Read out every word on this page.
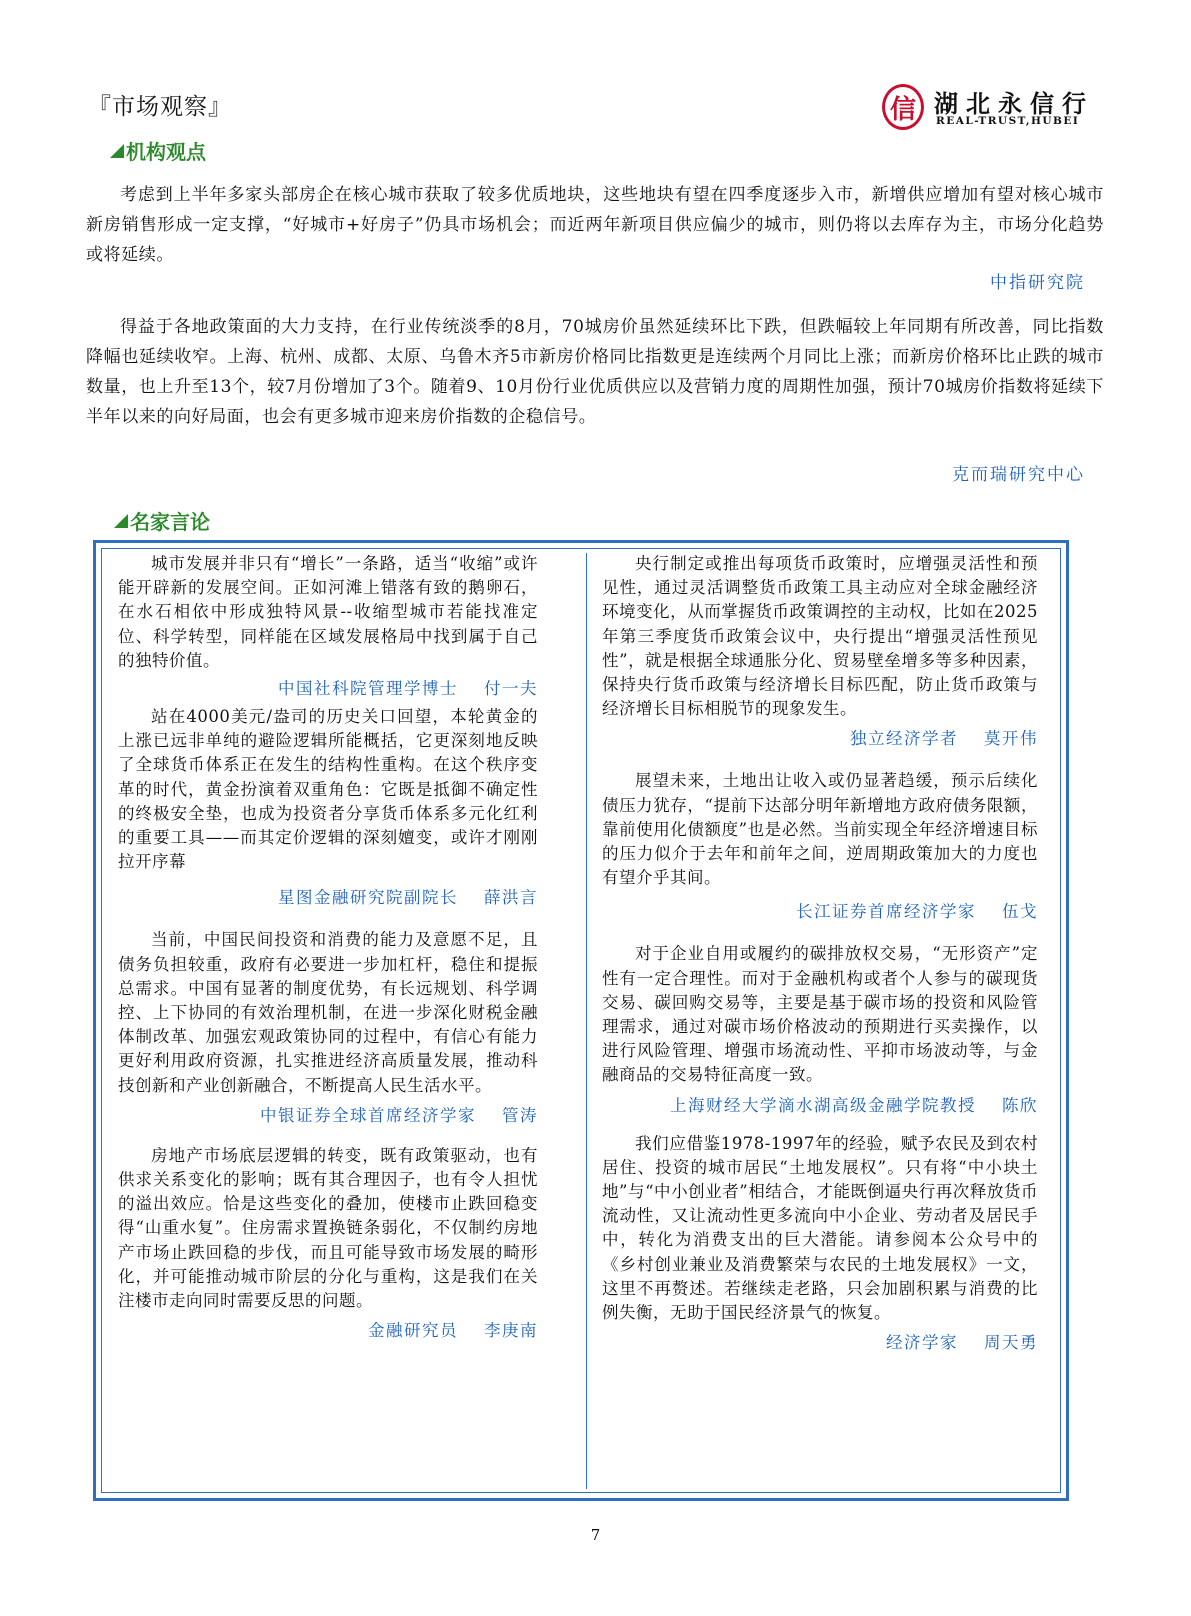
『市场观察』	信 湖北永信行
REAL-TRUST,HUBEI
机构观点

考虑到上半年多家头部房企在核心城市获取了较多优质地块，这些地块有望在四季度逐步入市，新增供应增加有望对核心城市新房销售形成一定支撑，“好城市+好房子”仍具市场机会；而近两年新项目供应偏少的城市，则仍将以去库存为主，市场分化趋势或将延续。

中指研究院

得益于各地政策面的大力支持，在行业传统淡季的8月，70城房价虽然延续环比下跌，但跌幅较上年同期有所改善，同比指数降幅也延续收窄。上海、杭州、成都、太原、乌鲁木齐5市新房价格同比指数更是连续两个月同比上涨；而新房价格环比止跌的城市数量，也上升至13个，较7月份增加了3个。随着9、10月份行业优质供应以及营销力度的周期性加强，预计70城房价指数将延续下半年以来的向好局面，也会有更多城市迎来房价指数的企稳信号。

克而瑞研究中心
名家言论

城市发展并非只有“增长”一条路，适当“收缩”或许能开辟新的发展空间。正如河滩上错落有致的鹅卵石，在水石相依中形成独特风景--收缩型城市若能找准定位、科学转型，同样能在区域发展格局中找到属于自己的独特价值。

中国社科院管理学博士 付一夫

站在4000美元/盎司的历史关口回望，本轮黄金的上涨已远非单纯的避险逻辑所能概括，它更深刻地反映了全球货币体系正在发生的结构性重构。在这个秩序变革的时代，黄金扮演着双重角色：它既是抵御不确定性的终极安全垫，也成为投资者分享货币体系多元化红利的重要工具——而其定价逻辑的深刻嬗变，或许才刚刚拉开序幕

星图金融研究院副院长 薛洪言

当前，中国民间投资和消费的能力及意愿不足，且债务负担较重，政府有必要进一步加杠杆，稳住和提振总需求。中国有显著的制度优势，有长远规划、科学调控、上下协同的有效治理机制，在进一步深化财税金融体制改革、加强宏观政策协同的过程中，有信心有能力更好利用政府资源，扎实推进经济高质量发展，推动科技创新和产业创新融合，不断提高人民生活水平。

中银证券全球首席经济学家 管涛

房地产市场底层逻辑的转变，既有政策驱动，也有供求关系变化的影响；既有其合理因子，也有令人担忧的溢出效应。恰是这些变化的叠加，使楼市止跌回稳变得“山重水复”。住房需求置换链条弱化，不仅制约房地产市场止跌回稳的步伐，而且可能导致市场发展的畸形化，并可能推动城市阶层的分化与重构，这是我们在关注楼市走向同时需要反思的问题。

金融研究员 李庚南

央行制定或推出每项货币政策时，应增强灵活性和预见性，通过灵活调整货币政策工具主动应对全球金融经济环境变化，从而掌握货币政策调控的主动权，比如在2025年第三季度货币政策会议中，央行提出“增强灵活性预见性”，就是根据全球通胀分化、贸易壁垒增多等多种因素，保持央行货币政策与经济增长目标匹配，防止货币政策与经济增长目标相脱节的现象发生。

独立经济学者 莫开伟

展望未来，土地出让收入或仍显著趋缓，预示后续化债压力犹存，“提前下达部分明年新增地方政府债务限额，靠前使用化债额度”也是必然。当前实现全年经济增速目标的压力似介于去年和前年之间，逆周期政策加大的力度也有望介乎其间。

长江证券首席经济学家 伍戈

对于企业自用或履约的碳排放权交易，“无形资产”定性有一定合理性。而对于金融机构或者个人参与的碳现货交易、碳回购交易等，主要是基于碳市场的投资和风险管理需求，通过对碳市场价格波动的预期进行买卖操作，以进行风险管理、增强市场流动性、平抑市场波动等，与金融商品的交易特征高度一致。

上海财经大学滴水湖高级金融学院教授 陈欣

我们应借鉴1978-1997年的经验，赋予农民及到农村居住、投资的城市居民“土地发展权”。只有将“中小块土地”与“中小创业者”相结合，才能既倒逼央行再次释放货币流动性，又让流动性更多流向中小企业、劳动者及居民手中，转化为消费支出的巨大潜能。请参阅本公众号中的《乡村创业兼业及消费繁荣与农民的土地发展权》一文，这里不再赘述。若继续走老路，只会加剧积累与消费的比例失衡，无助于国民经济景气的恢复。

经济学家 周天勇
7
